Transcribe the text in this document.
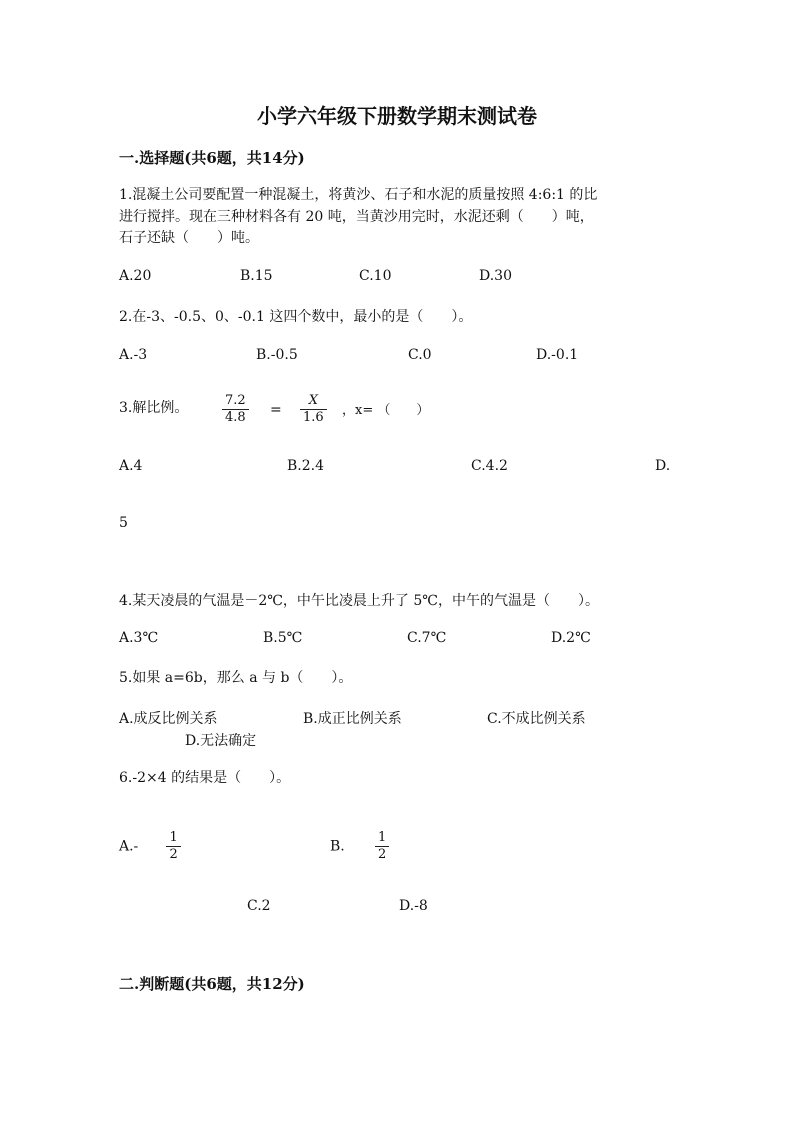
小学六年级下册数学期末测试卷
一.选择题(共6题，共14分)
1.混凝土公司要配置一种混凝土，将黄沙、石子和水泥的质量按照 4:6:1 的比
进行搅拌。现在三种材料各有 20 吨，当黄沙用完时，水泥还剩（　　）吨，
石子还缺（　　）吨。
A.20	B.15	C.10	D.30
2.在-3、-0.5、0、-0.1 这四个数中，最小的是（　　）。
A.-3	B.-0.5	C.0	D.-0.1
3.解比例。	$\frac{7.2}{4.8} = \frac{X}{1.6}$ ，x= （　　）
A.4	B.2.4	C.4.2	D.
5
4.某天凌晨的气温是－2℃，中午比凌晨上升了 5℃，中午的气温是（　　）。
A.3℃	B.5℃	C.7℃	D.2℃
5.如果 a=6b，那么 a 与 b（　　）。
A.成反比例关系	B.成正比例关系	C.不成比例关系
D.无法确定
6.-2×4 的结果是（　　）。
$A.- \frac{1}{2}$	B. $\frac{1}{2}$
C.2	D.-8
二.判断题(共6题，共12分)
